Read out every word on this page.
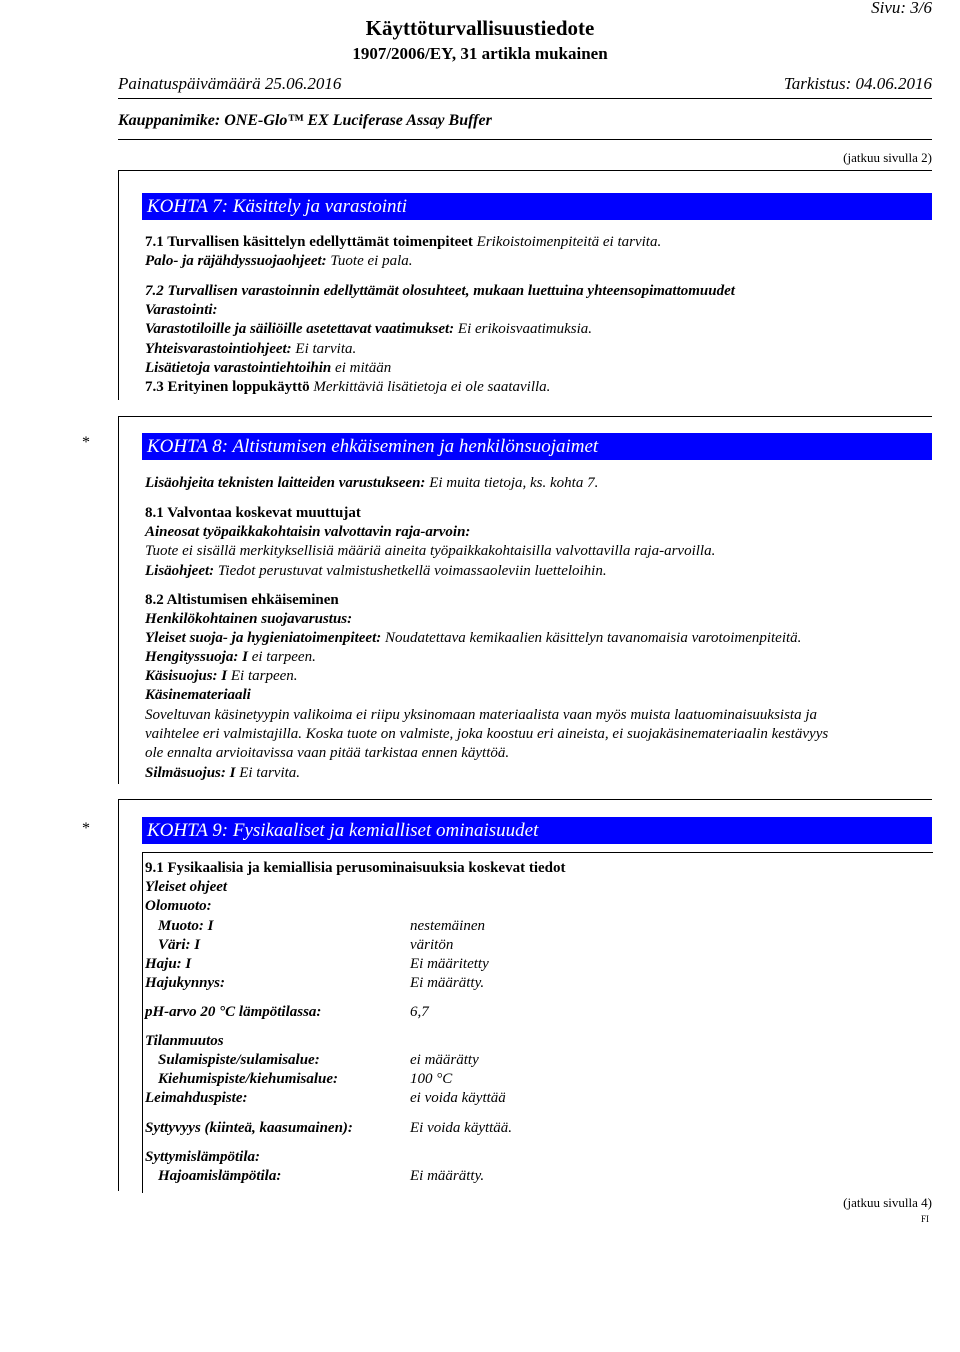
Sivu: 3/6
Käyttöturvallisuustiedote
1907/2006/EY, 31 artikla mukainen
Painatuspäivämäärä 25.06.2016	Tarkistus: 04.06.2016
Kauppanimike: ONE-Glo™ EX Luciferase Assay Buffer
(jatkuu sivulla 2)
KOHTA 7: Käsittely ja varastointi
7.1 Turvallisen käsittelyn edellyttämät toimenpiteet Erikoistoimenpiteitä ei tarvita.
Palo- ja räjähdyssuojaohjeet: Tuote ei pala.
7.2 Turvallisen varastoinnin edellyttämät olosuhteet, mukaan luettuina yhteensopimattomuudet
Varastointi:
Varastotiloille ja säiliöille asetettavat vaatimukset: Ei erikoisvaatimuksia.
Yhteisvarastointiohjeet: Ei tarvita.
Lisätietoja varastointiehtoihin ei mitään
7.3 Erityinen loppukäyttö Merkittäviä lisätietoja ei ole saatavilla.
*	KOHTA 8: Altistumisen ehkäiseminen ja henkilönsuojaimet
Lisäohjeita teknisten laitteiden varustukseen: Ei muita tietoja, ks. kohta 7.
8.1 Valvontaa koskevat muuttujat
Aineosat työpaikkakohtaisin valvottavin raja-arvoin:
Tuote ei sisällä merkityksellisiä määriä aineita työpaikkakohtaisilla valvottavilla raja-arvoilla.
Lisäohjeet: Tiedot perustuvat valmistushetkellä voimassaoleviin luetteloihin.
8.2 Altistumisen ehkäiseminen
Henkilökohtainen suojavarustus:
Yleiset suoja- ja hygieniatoimenpiteet: Noudatettava kemikaalien käsittelyn tavanomaisia varotoimenpiteitä.
Hengityssuoja: I ei tarpeen.
Käsisuojus: I Ei tarpeen.
Käsinemateriaali
Soveltuvan käsinetyypin valikoima ei riipu yksinomaan materiaalista vaan myös muista laatuominaisuuksista ja
vaihtelee eri valmistajilla. Koska tuote on valmiste, joka koostuu eri aineista, ei suojakäsinemateriaalin kestävyys
ole ennalta arvioitavissa vaan pitää tarkistaa ennen käyttöä.
Silmäsuojus: I Ei tarvita.
*	KOHTA 9: Fysikaaliset ja kemialliset ominaisuudet
9.1 Fysikaalisia ja kemiallisia perusominaisuuksia koskevat tiedot
Yleiset ohjeet
Olomuoto:
Muoto: I	nestemäinen
Väri: I	väritön
Haju: I	Ei määritetty
Hajukynnys:	Ei määrätty.
pH-arvo 20 °C lämpötilassa:	6,7
Tilanmuutos
Sulamispiste/sulamisalue:	ei määrätty
Kiehumispiste/kiehumisalue:	100 °C
Leimahduspiste:	ei voida käyttää
Syttyvyys (kiinteä, kaasumainen):	Ei voida käyttää.
Syttymislämpötila:
Hajoamislämpötila:	Ei määrätty.
(jatkuu sivulla 4)
FI
